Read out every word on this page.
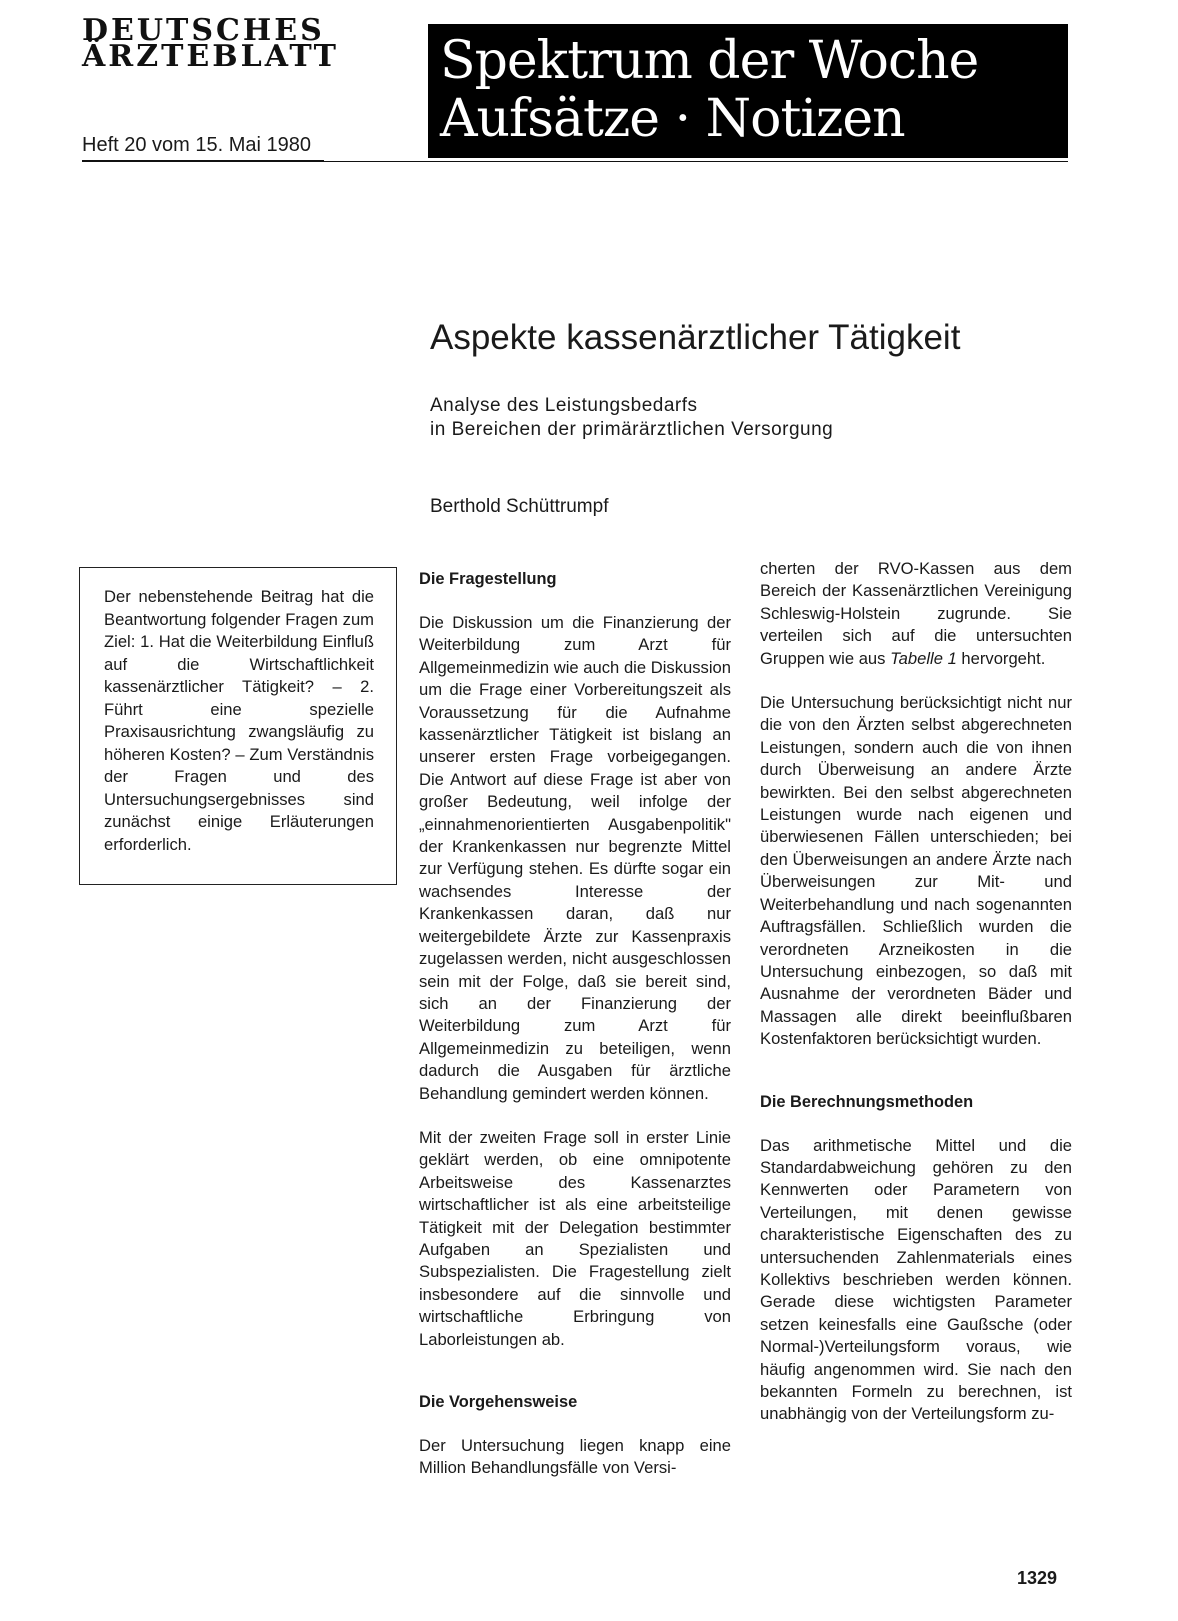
DEUTSCHES
ÄRZTEBLATT
Heft 20 vom 15. Mai 1980
Spektrum der Woche
Aufsätze · Notizen
Aspekte kassenärztlicher Tätigkeit
Analyse des Leistungsbedarfs
in Bereichen der primärärztlichen Versorgung
Berthold Schüttrumpf
Der nebenstehende Beitrag hat die Beantwortung folgender Fragen zum Ziel: 1. Hat die Weiterbildung Einfluß auf die Wirtschaftlichkeit kassenärztlicher Tätigkeit? – 2. Führt eine spezielle Praxisausrichtung zwangsläufig zu höheren Kosten? – Zum Verständnis der Fragen und des Untersuchungsergebnisses sind zunächst einige Erläuterungen erforderlich.
Die Fragestellung

Die Diskussion um die Finanzierung der Weiterbildung zum Arzt für Allgemeinmedizin wie auch die Diskussion um die Frage einer Vorbereitungszeit als Voraussetzung für die Aufnahme kassenärztlicher Tätigkeit ist bislang an unserer ersten Frage vorbeigegangen. Die Antwort auf diese Frage ist aber von großer Bedeutung, weil infolge der „einnahmenorientierten Ausgabenpolitik" der Krankenkassen nur begrenzte Mittel zur Verfügung stehen. Es dürfte sogar ein wachsendes Interesse der Krankenkassen daran, daß nur weitergebildete Ärzte zur Kassenpraxis zugelassen werden, nicht ausgeschlossen sein mit der Folge, daß sie bereit sind, sich an der Finanzierung der Weiterbildung zum Arzt für Allgemeinmedizin zu beteiligen, wenn dadurch die Ausgaben für ärztliche Behandlung gemindert werden können.

Mit der zweiten Frage soll in erster Linie geklärt werden, ob eine omnipotente Arbeitsweise des Kassenarztes wirtschaftlicher ist als eine arbeitsteilige Tätigkeit mit der Delegation bestimmter Aufgaben an Spezialisten und Subspezialisten. Die Fragestellung zielt insbesondere auf die sinnvolle und wirtschaftliche Erbringung von Laborleistungen ab.

Die Vorgehensweise

Der Untersuchung liegen knapp eine Million Behandlungsfälle von Versi-

cherten der RVO-Kassen aus dem Bereich der Kassenärztlichen Vereinigung Schleswig-Holstein zugrunde. Sie verteilen sich auf die untersuchten Gruppen wie aus Tabelle 1 hervorgeht.

Die Untersuchung berücksichtigt nicht nur die von den Ärzten selbst abgerechneten Leistungen, sondern auch die von ihnen durch Überweisung an andere Ärzte bewirkten. Bei den selbst abgerechneten Leistungen wurde nach eigenen und überwiesenen Fällen unterschieden; bei den Überweisungen an andere Ärzte nach Überweisungen zur Mit- und Weiterbehandlung und nach sogenannten Auftragsfällen. Schließlich wurden die verordneten Arzneikosten in die Untersuchung einbezogen, so daß mit Ausnahme der verordneten Bäder und Massagen alle direkt beeinflußbaren Kostenfaktoren berücksichtigt wurden.

Die Berechnungsmethoden

Das arithmetische Mittel und die Standardabweichung gehören zu den Kennwerten oder Parametern von Verteilungen, mit denen gewisse charakteristische Eigenschaften des zu untersuchenden Zahlenmaterials eines Kollektivs beschrieben werden können. Gerade diese wichtigsten Parameter setzen keinesfalls eine Gaußsche (oder Normal-)Verteilungsform voraus, wie häufig angenommen wird. Sie nach den bekannten Formeln zu berechnen, ist unabhängig von der Verteilungsform zu-

1329
